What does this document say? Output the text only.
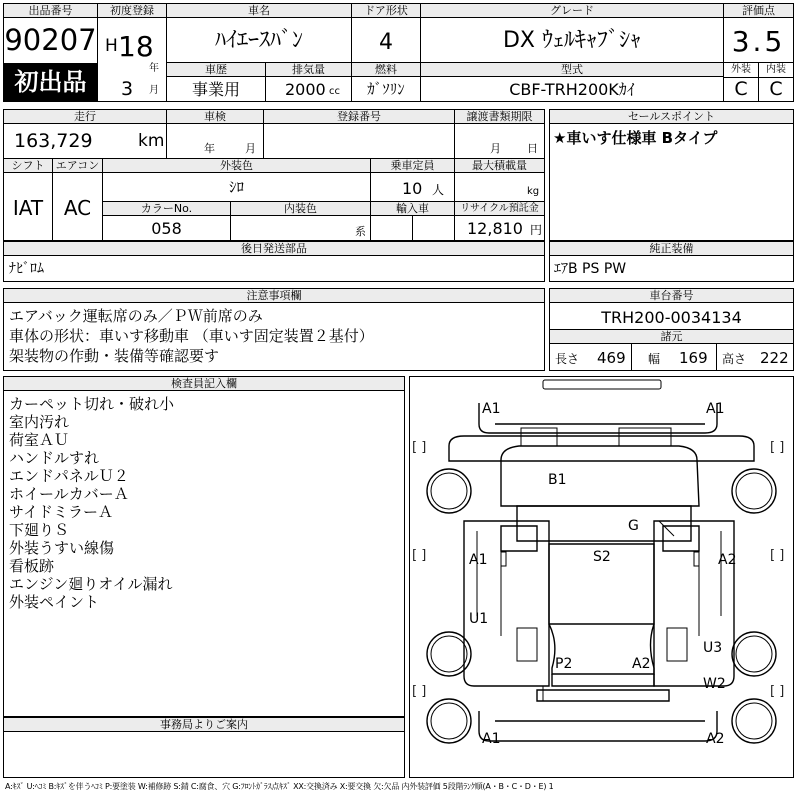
出品番号
90207
初出品
初度登録
H 18
年
3 月
車名
ﾊｲｴｰｽﾊﾞﾝ
ドア形状
4
グレード
DX ｳｪﾙｷｬﾌﾞｼｬ
評価点
3.5
外装	内装
C	C
車歴
事業用
排気量
2000 cc
燃料
ｶﾞｿﾘﾝ
型式
CBF-TRH200Kｶｲ
走行
163,729	km
車検
年	月
登録番号	譲渡書類期限
月 日
シフト
IAT
エアコン
AC
外装色
ｼﾛ
乗車定員
10 人
最大積載量
kg
カラーNo.
058
内装色
系
輸入車	リサイクル預託金
12,810 円
セールスポイント
★車いす仕様車 Bタイプ
後日発送部品
ﾅﾋﾞﾛﾑ
純正装備
ｴｱB PS PW
注意事項欄
エアバック運転席のみ／ＰＷ前席のみ
車体の形状：車いす移動車 （車いす固定装置２基付）
架装物の作動・装備等確認要す
車台番号
TRH200-0034134
諸元
長さ 469 幅 169 高さ 222
検査員記入欄
カーペット切れ・破れ小
室内汚れ
荷室ＡＵ
ハンドルすれ
エンドパネルＵ２
ホイールカバーＡ
サイドミラーＡ
下廻りＳ
外装うすい線傷
看板跡
エンジン廻りオイル漏れ
外装ペイント
事務局よりご案内
[ ]	[ ]
[ ]	[ ]
[ ]	[ ]
A1	A1
B1
G
S2
A1	A2
U1
U3
P2	A2
W2
A1	A2
A:ｷｽﾞ U:ﾍｺﾐ B:ｷｽﾞを伴うﾍｺﾐ P:要塗装 W:補修跡 S:錆 C:腐食、穴 G:ﾌﾛﾝﾄｶﾞﾗｽ点ｷｽﾞ XX:交換済み X:要交換 欠:欠品 内外装評価 5段階ﾗﾝｸ順(A・B・C・D・E) 1
